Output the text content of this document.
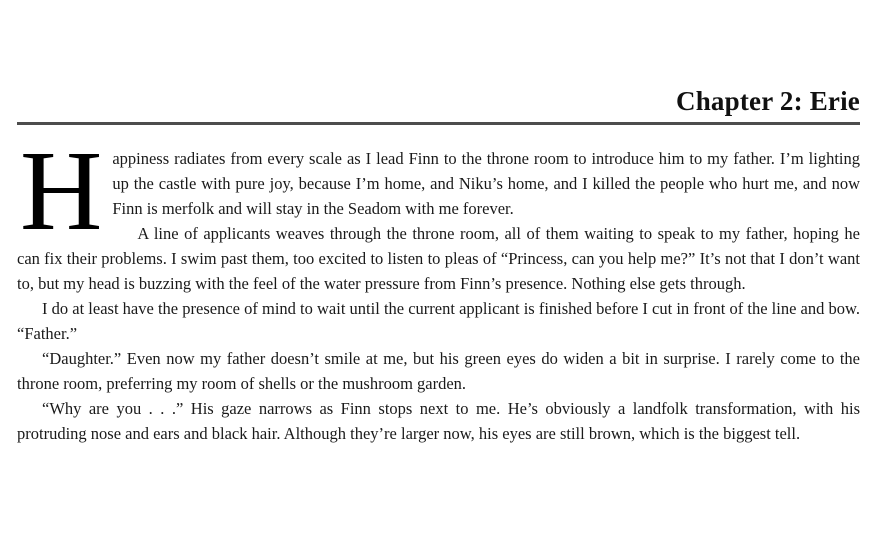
Chapter 2: Erie

Happiness radiates from every scale as I lead Finn to the throne room to introduce him to my father. I’m lighting up the castle with pure joy, because I’m home, and Niku’s home, and I killed the people who hurt me, and now Finn is merfolk and will stay in the Seadom with me forever.

A line of applicants weaves through the throne room, all of them waiting to speak to my father, hoping he can fix their problems. I swim past them, too excited to listen to pleas of “Princess, can you help me?” It’s not that I don’t want to, but my head is buzzing with the feel of the water pressure from Finn’s presence. Nothing else gets through.

I do at least have the presence of mind to wait until the current applicant is finished before I cut in front of the line and bow. “Father.”

“Daughter.” Even now my father doesn’t smile at me, but his green eyes do widen a bit in surprise. I rarely come to the throne room, preferring my room of shells or the mushroom garden.

“Why are you . . .” His gaze narrows as Finn stops next to me. He’s obviously a landfolk transformation, with his protruding nose and ears and black hair. Although they’re larger now, his eyes are still brown, which is the biggest tell.
